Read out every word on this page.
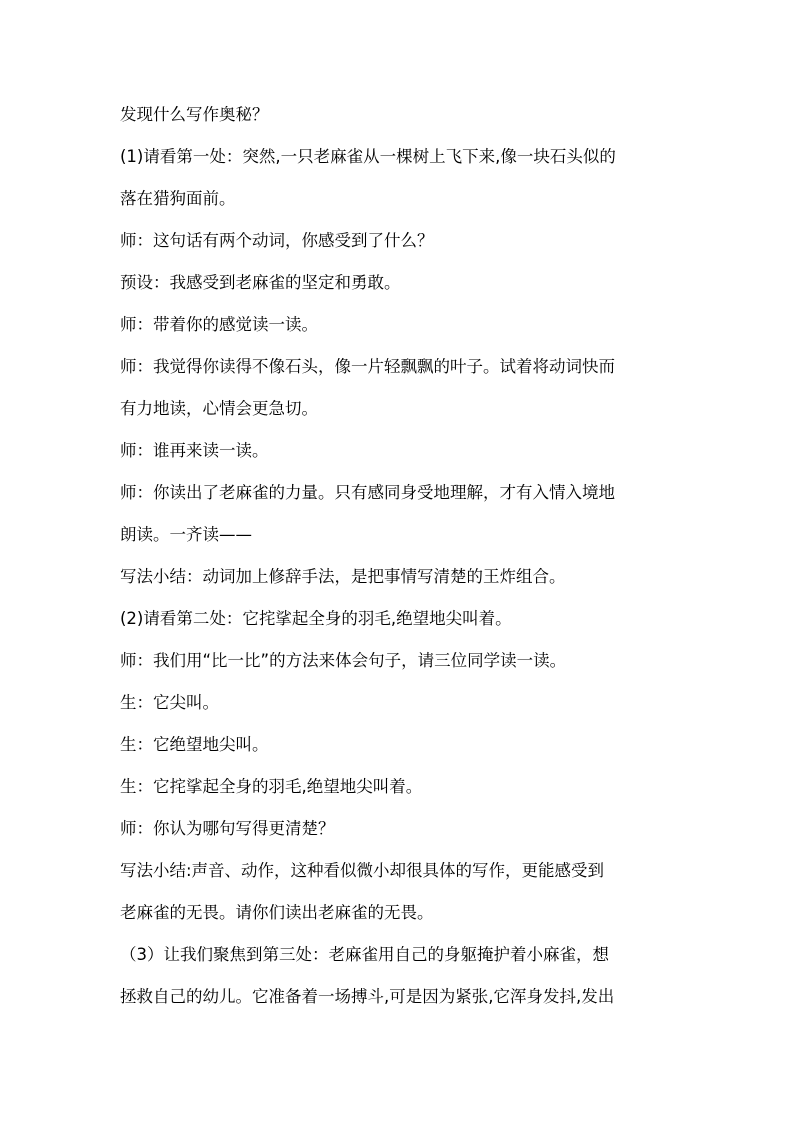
发现什么写作奥秘？
(1)请看第一处：突然,一只老麻雀从一棵树上飞下来,像一块石头似的
落在猎狗面前。
师：这句话有两个动词，你感受到了什么？
预设：我感受到老麻雀的坚定和勇敢。
师：带着你的感觉读一读。
师：我觉得你读得不像石头，像一片轻飘飘的叶子。试着将动词快而
有力地读，心情会更急切。
师：谁再来读一读。
师：你读出了老麻雀的力量。只有感同身受地理解，才有入情入境地
朗读。一齐读——
写法小结：动词加上修辞手法，是把事情写清楚的王炸组合。
(2)请看第二处：它挓挲起全身的羽毛,绝望地尖叫着。
师：我们用“比一比”的方法来体会句子，请三位同学读一读。
生：它尖叫。
生：它绝望地尖叫。
生：它挓挲起全身的羽毛,绝望地尖叫着。
师：你认为哪句写得更清楚？
写法小结:声音、动作，这种看似微小却很具体的写作，更能感受到
老麻雀的无畏。请你们读出老麻雀的无畏。
（3）让我们聚焦到第三处：老麻雀用自己的身躯掩护着小麻雀，想
拯救自己的幼儿。它准备着一场搏斗,可是因为紧张,它浑身发抖,发出
